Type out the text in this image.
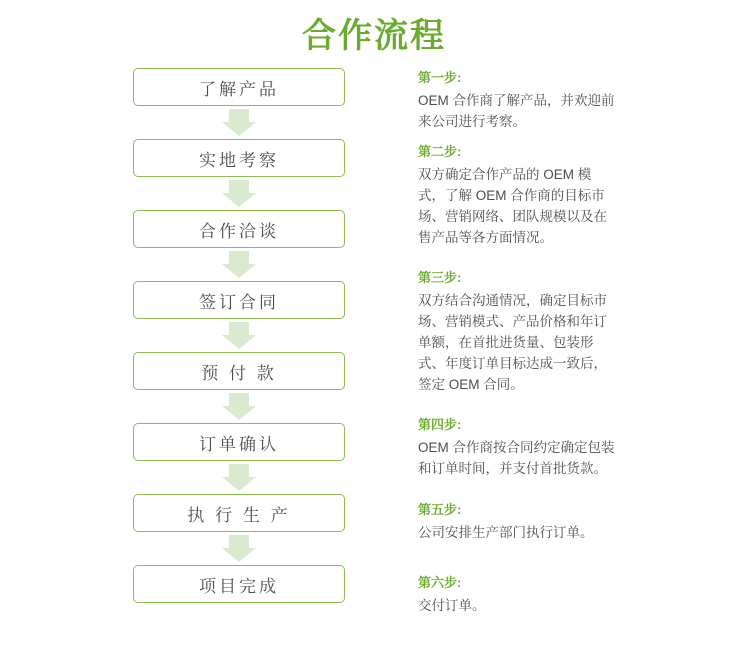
合作流程
了解产品
实地考察
合作洽谈
签订合同
预 付 款
订单确认
执 行 生 产
项目完成
第一步:
OEM 合作商了解产品，并欢迎前来公司进行考察。
第二步:
双方确定合作产品的 OEM 模式，了解 OEM 合作商的目标市场、营销网络、团队规模以及在售产品等各方面情况。
第三步:
双方结合沟通情况，确定目标市场、营销模式、产品价格和年订单额，在首批进货量、包装形式、年度订单目标达成一致后，签定 OEM 合同。
第四步:
OEM 合作商按合同约定确定包装和订单时间，并支付首批货款。
第五步:
公司安排生产部门执行订单。
第六步:
交付订单。
